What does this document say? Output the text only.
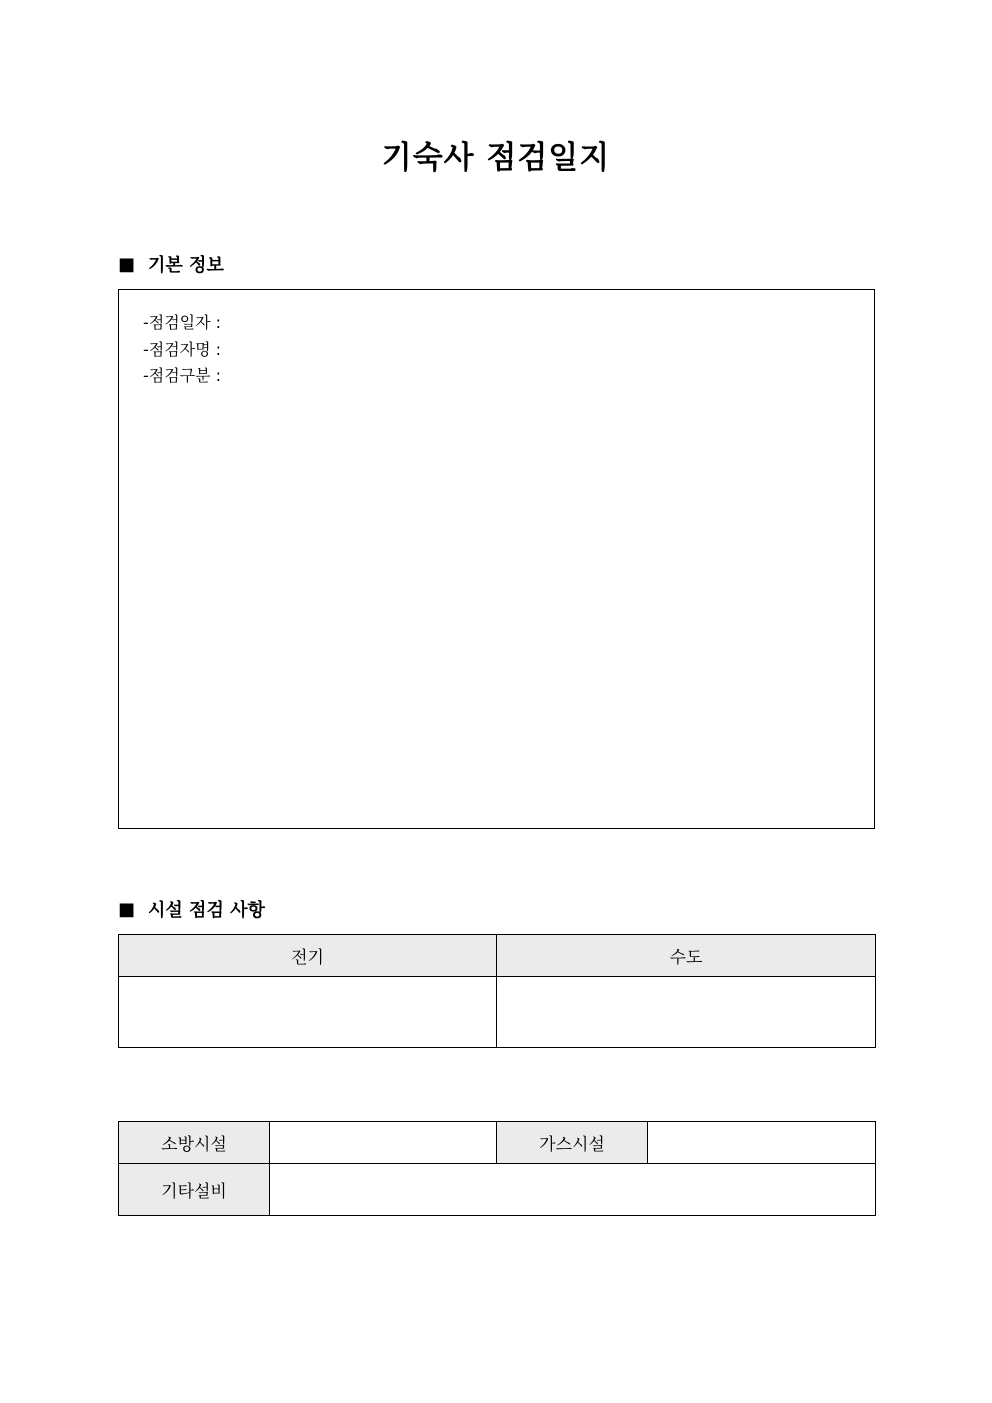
기숙사 점검일지
■ 기본 정보
-점검일자 :
-점검자명 :
-점검구분 :
■ 시설 점검 사항
전기	수도

소방시설		가스시설	
기타설비			
